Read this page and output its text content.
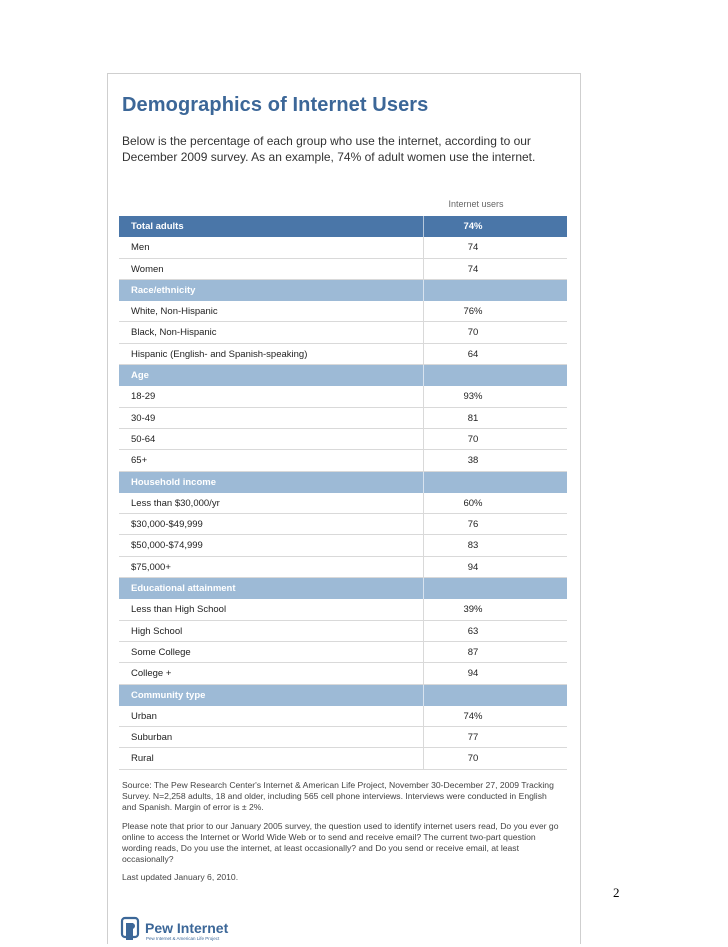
Demographics of Internet Users

Below is the percentage of each group who use the internet, according to our December 2009 survey. As an example, 74% of adult women use the internet.

Internet users
Total adults	74%
Men	74
Women	74
Race/ethnicity
White, Non-Hispanic	76%
Black, Non-Hispanic	70
Hispanic (English- and Spanish-speaking)	64
Age
18-29	93%
30-49	81
50-64	70
65+	38
Household income
Less than $30,000/yr	60%
$30,000-$49,999	76
$50,000-$74,999	83
$75,000+	94
Educational attainment
Less than High School	39%
High School	63
Some College	87
College +	94
Community type
Urban	74%
Suburban	77
Rural	70

Source: The Pew Research Center's Internet & American Life Project, November 30-December 27, 2009 Tracking Survey. N=2,258 adults, 18 and older, including 565 cell phone interviews. Interviews were conducted in English and Spanish. Margin of error is ± 2%.

Please note that prior to our January 2005 survey, the question used to identify internet users read, Do you ever go online to access the Internet or World Wide Web or to send and receive email? The current two-part question wording reads, Do you use the internet, at least occasionally? and Do you send or receive email, at least occasionally?

Last updated January 6, 2010.

Pew Internet
Pew Internet & American Life Project
2
